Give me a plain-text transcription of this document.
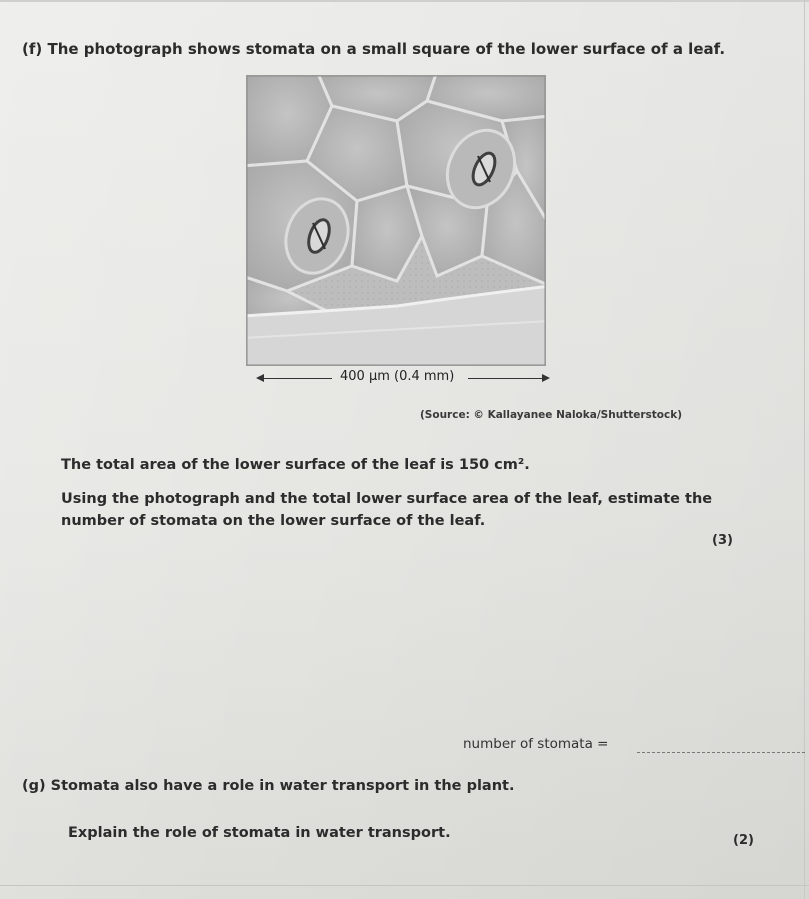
(f) The photograph shows stomata on a small square of the lower surface of a leaf.
400 µm (0.4 mm)
(Source: © Kallayanee Naloka/Shutterstock)
The total area of the lower surface of the leaf is 150 cm².
Using the photograph and the total lower surface area of the leaf, estimate the
number of stomata on the lower surface of the leaf.
(3)
number of stomata =
(g) Stomata also have a role in water transport in the plant.
Explain the role of stomata in water transport.	(2)
